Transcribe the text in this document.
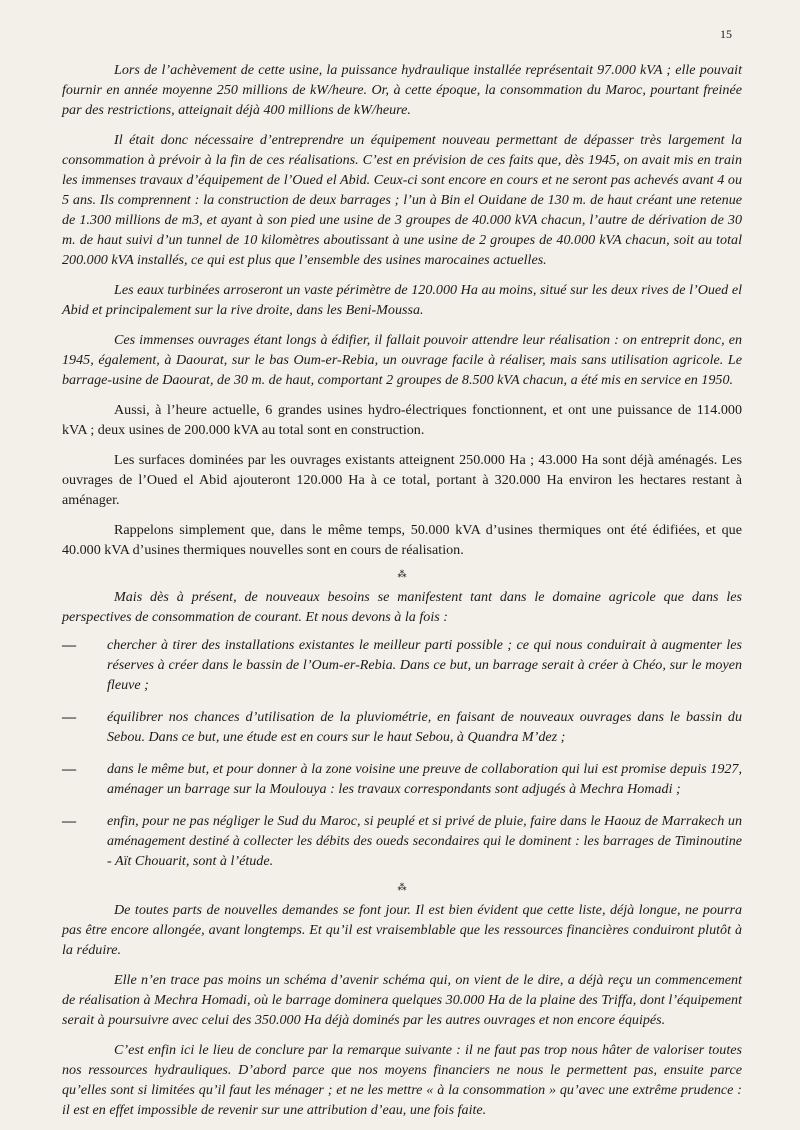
15

Lors de l’achèvement de cette usine, la puissance hydraulique installée représentait 97.000 kVA ; elle pouvait fournir en année moyenne 250 millions de kW/heure. Or, à cette époque, la consommation du Maroc, pourtant freinée par des restrictions, atteignait déjà 400 millions de kW/heure.

Il était donc nécessaire d’entreprendre un équipement nouveau permettant de dépasser très largement la consommation à prévoir à la fin de ces réalisations. C’est en prévision de ces faits que, dès 1945, on avait mis en train les immenses travaux d’équipement de l’Oued el Abid. Ceux-ci sont encore en cours et ne seront pas achevés avant 4 ou 5 ans. Ils comprennent : la construction de deux barrages ; l’un à Bin el Ouidane de 130 m. de haut créant une retenue de 1.300 millions de m3, et ayant à son pied une usine de 3 groupes de 40.000 kVA chacun, l’autre de dérivation de 30 m. de haut suivi d’un tunnel de 10 kilomètres aboutissant à une usine de 2 groupes de 40.000 kVA chacun, soit au total 200.000 kVA installés, ce qui est plus que l’ensemble des usines marocaines actuelles.

Les eaux turbinées arroseront un vaste périmètre de 120.000 Ha au moins, situé sur les deux rives de l’Oued el Abid et principalement sur la rive droite, dans les Beni-Moussa.

Ces immenses ouvrages étant longs à édifier, il fallait pouvoir attendre leur réalisation : on entreprit donc, en 1945, également, à Daourat, sur le bas Oum-er-Rebia, un ouvrage facile à réaliser, mais sans utilisation agricole. Le barrage-usine de Daourat, de 30 m. de haut, comportant 2 groupes de 8.500 kVA chacun, a été mis en service en 1950.

Aussi, à l’heure actuelle, 6 grandes usines hydro-électriques fonctionnent, et ont une puissance de 114.000 kVA ; deux usines de 200.000 kVA au total sont en construction.

Les surfaces dominées par les ouvrages existants atteignent 250.000 Ha ; 43.000 Ha sont déjà aménagés. Les ouvrages de l’Oued el Abid ajouteront 120.000 Ha à ce total, portant à 320.000 Ha environ les hectares restant à aménager.

Rappelons simplement que, dans le même temps, 50.000 kVA d’usines thermiques ont été édifiées, et que 40.000 kVA d’usines thermiques nouvelles sont en cours de réalisation.

⁂

Mais dès à présent, de nouveaux besoins se manifestent tant dans le domaine agricole que dans les perspectives de consommation de courant. Et nous devons à la fois :

— chercher à tirer des installations existantes le meilleur parti possible ; ce qui nous conduirait à augmenter les réserves à créer dans le bassin de l’Oum-er-Rebia. Dans ce but, un barrage serait à créer à Chéo, sur le moyen fleuve ;
— équilibrer nos chances d’utilisation de la pluviométrie, en faisant de nouveaux ouvrages dans le bassin du Sebou. Dans ce but, une étude est en cours sur le haut Sebou, à Quandra M’dez ;
— dans le même but, et pour donner à la zone voisine une preuve de collaboration qui lui est promise depuis 1927, aménager un barrage sur la Moulouya : les travaux correspondants sont adjugés à Mechra Homadi ;
— enfin, pour ne pas négliger le Sud du Maroc, si peuplé et si privé de pluie, faire dans le Haouz de Marrakech un aménagement destiné à collecter les débits des oueds secondaires qui le dominent : les barrages de Timinoutine - Aït Chouarit, sont à l’étude.
⁂

De toutes parts de nouvelles demandes se font jour. Il est bien évident que cette liste, déjà longue, ne pourra pas être encore allongée, avant longtemps. Et qu’il est vraisemblable que les ressources financières conduiront plutôt à la réduire.

Elle n’en trace pas moins un schéma d’avenir schéma qui, on vient de le dire, a déjà reçu un commencement de réalisation à Mechra Homadi, où le barrage dominera quelques 30.000 Ha de la plaine des Triffa, dont l’équipement serait à poursuivre avec celui des 350.000 Ha déjà dominés par les autres ouvrages et non encore équipés.

C’est enfin ici le lieu de conclure par la remarque suivante : il ne faut pas trop nous hâter de valoriser toutes nos ressources hydrauliques. D’abord parce que nos moyens financiers ne nous le permettent pas, ensuite parce qu’elles sont si limitées qu’il faut les ménager ; et ne les mettre « à la consommation » qu’avec une extrême prudence : il est en effet impossible de revenir sur une attribution d’eau, une fois faite.
